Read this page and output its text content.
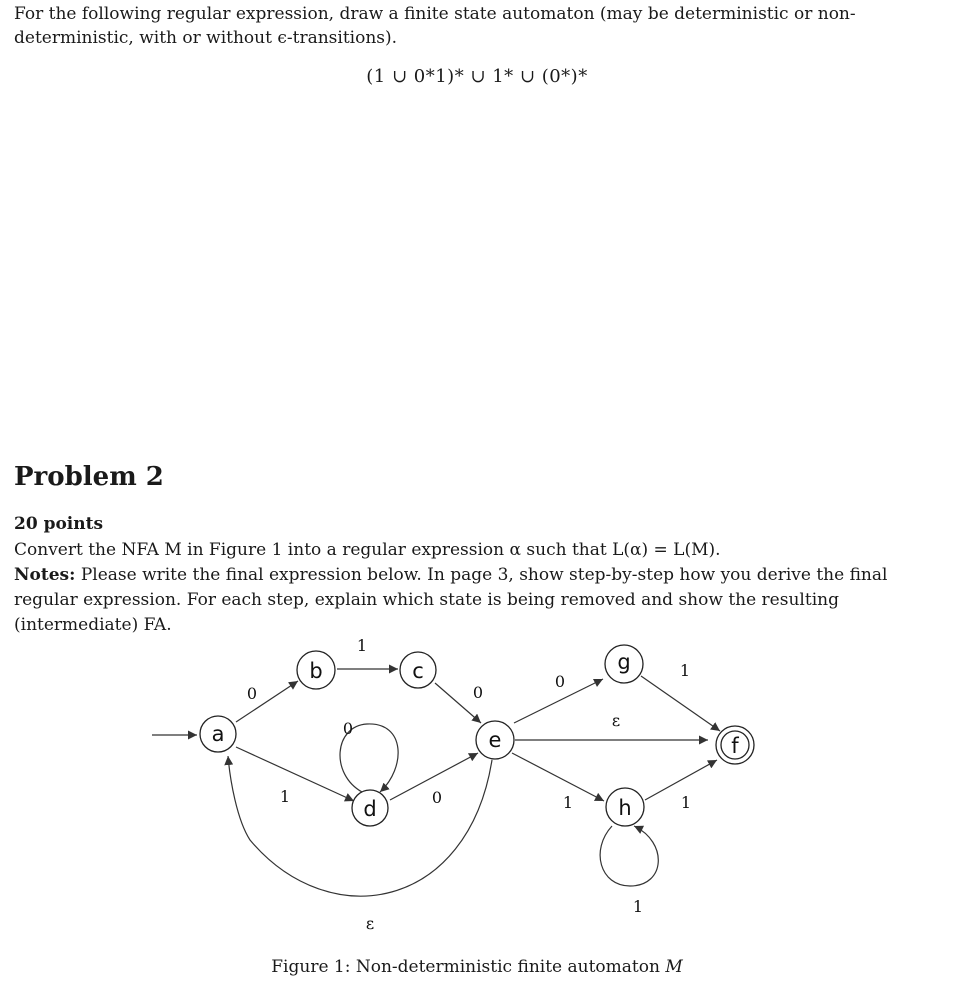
For the following regular expression, draw a finite state automaton (may be deterministic or non-deterministic, with or without ϵ-transitions).

(1 ∪ 0*1)* ∪ 1* ∪ (0*)*
Problem 2

20 points

Convert the NFA M in Figure 1 into a regular expression α such that L(α) = L(M).

Notes: Please write the final expression below. In page 3, show step-by-step how you derive the final regular expression. For each step, explain which state is being removed and show the resulting (intermediate) FA.

a
b	c
d
e	f
g
h
0
1
1
0
0
0
ε
0
ε
1
1
1
1

Figure 1: Non-deterministic finite automaton M
